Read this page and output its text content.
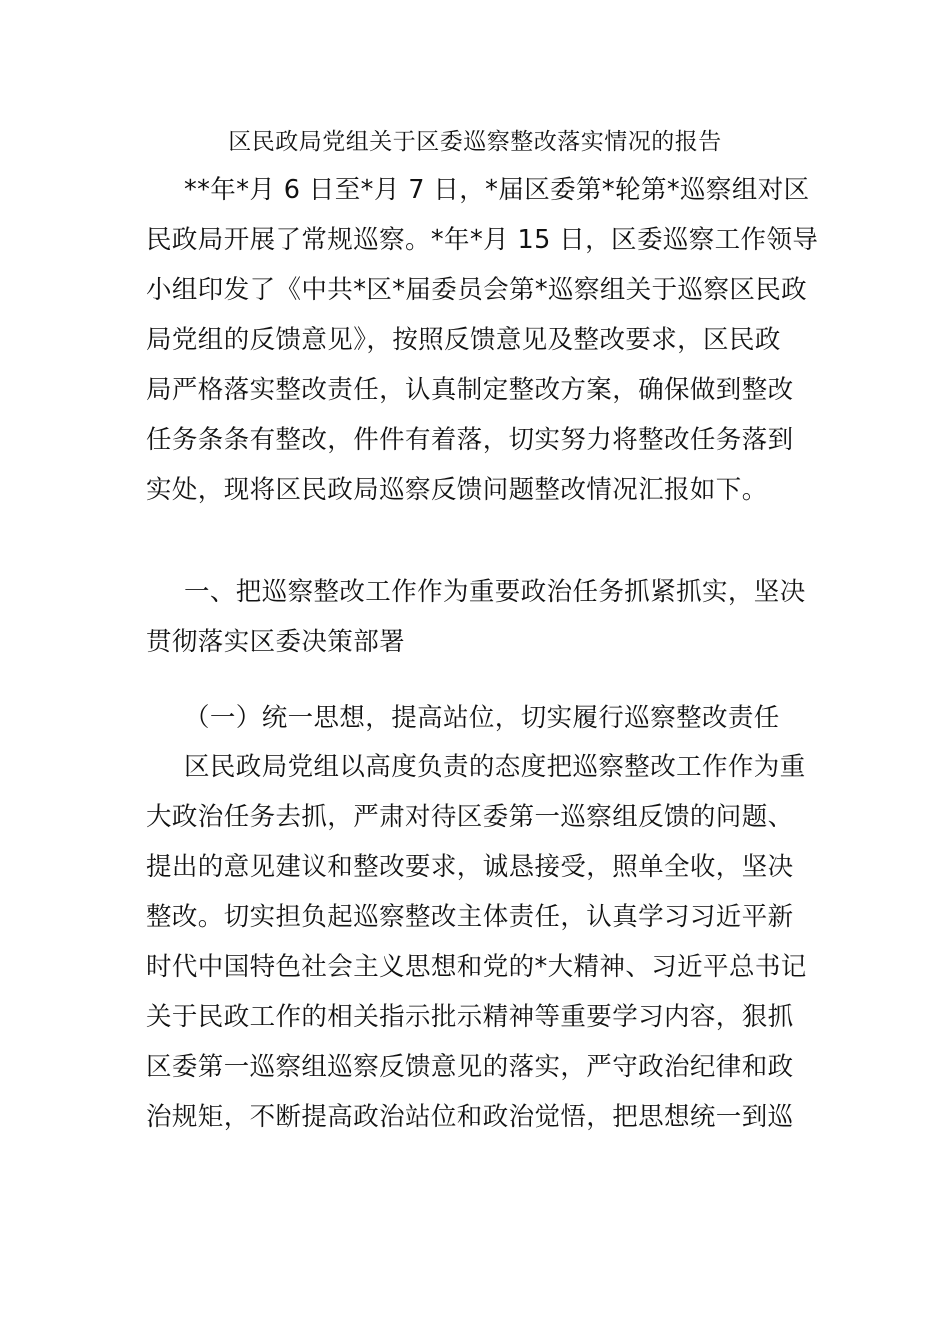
区民政局党组关于区委巡察整改落实情况的报告
**年*月 6 日至*月 7 日，*届区委第*轮第*巡察组对区
民政局开展了常规巡察。*年*月 15 日，区委巡察工作领导
小组印发了《中共*区*届委员会第*巡察组关于巡察区民政
局党组的反馈意见》，按照反馈意见及整改要求，区民政
局严格落实整改责任，认真制定整改方案，确保做到整改
任务条条有整改，件件有着落，切实努力将整改任务落到
实处，现将区民政局巡察反馈问题整改情况汇报如下。
一、把巡察整改工作作为重要政治任务抓紧抓实，坚决
贯彻落实区委决策部署
（一）统一思想，提高站位，切实履行巡察整改责任
区民政局党组以高度负责的态度把巡察整改工作作为重
大政治任务去抓，严肃对待区委第一巡察组反馈的问题、
提出的意见建议和整改要求，诚恳接受，照单全收，坚决
整改。切实担负起巡察整改主体责任，认真学习习近平新
时代中国特色社会主义思想和党的*大精神、习近平总书记
关于民政工作的相关指示批示精神等重要学习内容，狠抓
区委第一巡察组巡察反馈意见的落实，严守政治纪律和政
治规矩，不断提高政治站位和政治觉悟，把思想统一到巡
